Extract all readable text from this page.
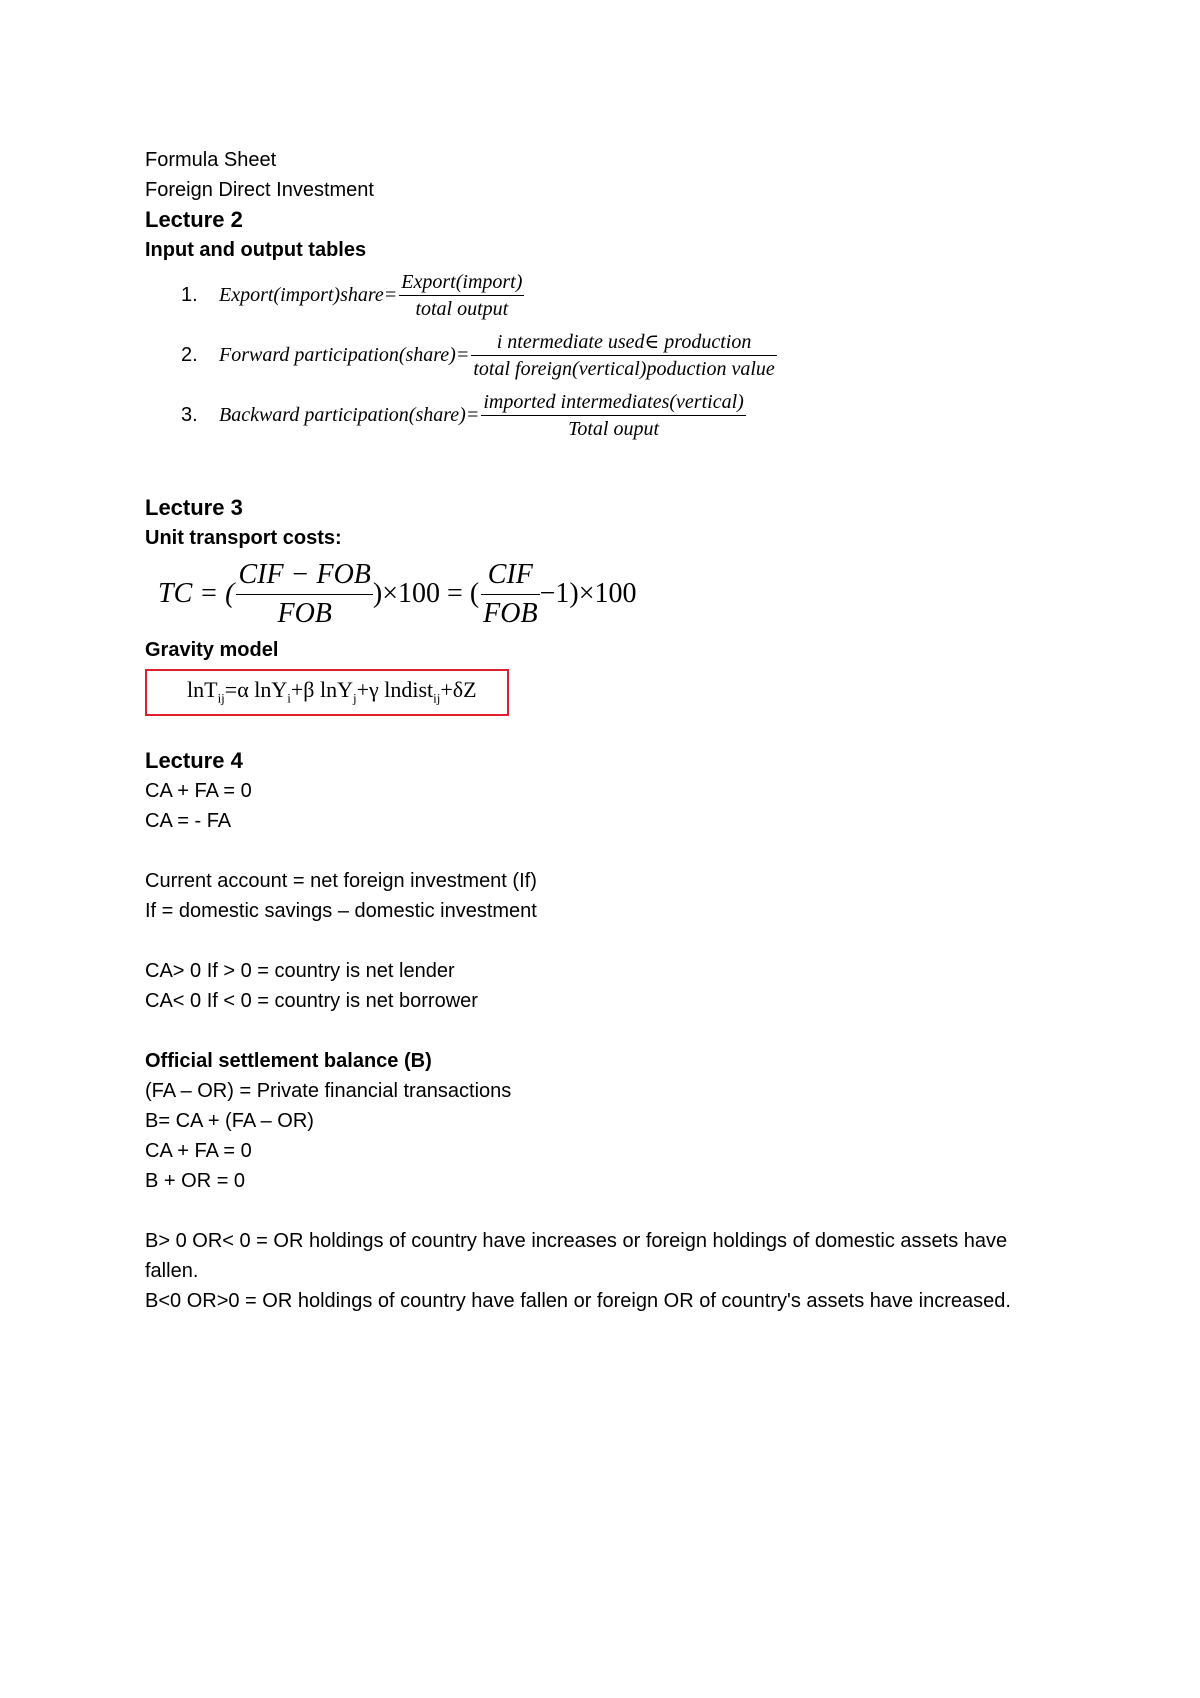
Formula Sheet
Foreign Direct Investment
Lecture 2
Input and output tables
1.	Export(import)share= $\frac{\text{Export(import)}}{\text{total output}}$
2.	Forward participation(share)= $\frac{\text{i ntermediate used∈ production}}{\text{total foreign(vertical)poduction value}}$
3.	Backward participation(share)= $\frac{\text{imported intermediates(vertical)}}{\text{Total ouput}}$
Lecture 3
Unit transport costs:
TC = ( $\frac{\text{CIF − FOB}}{\text{FOB}} )\times 100$ = ( $\frac{\text{CIF}}{\text{FOB}} -1)\times 100$
Gravity model
lnT$_{ij}$=α lnY$_i$+β lnY$_j$+γ lndist$_{ij}$+δZ
Lecture 4
CA + FA = 0
CA = - FA
Current account = net foreign investment (If)
If = domestic savings – domestic investment
CA> 0 If > 0 = country is net lender
CA< 0 If < 0 = country is net borrower
Official settlement balance (B)
(FA – OR) = Private financial transactions
B= CA + (FA – OR)
CA + FA = 0
B + OR = 0
B> 0 OR< 0 = OR holdings of country have increases or foreign holdings of domestic assets have fallen.
B<0 OR>0 = OR holdings of country have fallen or foreign OR of country's assets have increased.
